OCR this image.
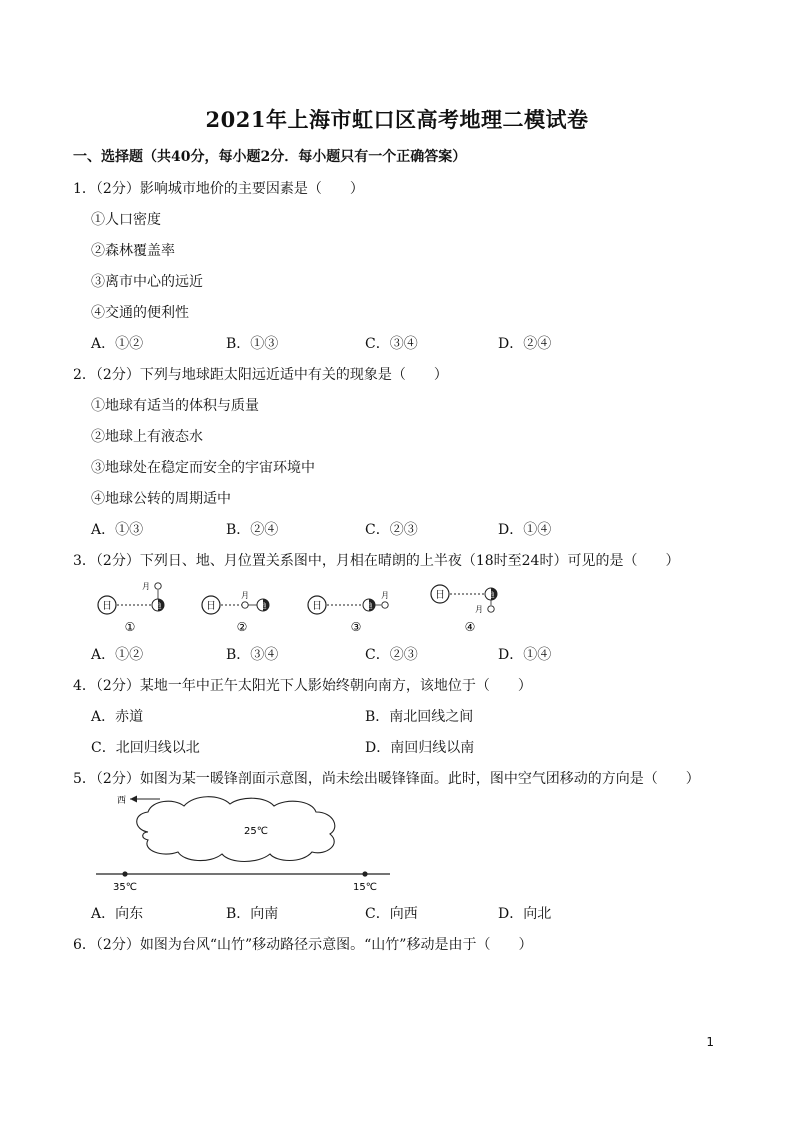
2021年上海市虹口区高考地理二模试卷
一、选择题（共40分，每小题2分．每小题只有一个正确答案）
1．（2分）影响城市地价的主要因素是（　　）
①人口密度
②森林覆盖率
③离市中心的远近
④交通的便利性
A．①②	B．①③	C．③④	D．②④
2．（2分）下列与地球距太阳远近适中有关的现象是（　　）
①地球有适当的体积与质量
②地球上有液态水
③地球处在稳定而安全的宇宙环境中
④地球公转的周期适中
A．①③	B．②④	C．②③	D．①④
3．（2分）下列日、地、月位置关系图中，月相在晴朗的上半夜（18时至24时）可见的是（　　）
日	地
月
①
日
月
地
②
日	地
月
③
日	地
月
④
A．①②	B．③④	C．②③	D．①④
4．（2分）某地一年中正午太阳光下人影始终朝向南方，该地位于（　　）
A．赤道	B．南北回线之间
C．北回归线以北	D．南回归线以南
5．（2分）如图为某一暖锋剖面示意图，尚未绘出暖锋锋面。此时，图中空气团移动的方向是（　　）
西
25℃
35℃	15℃
A．向东	B．向南	C．向西	D．向北
6．（2分）如图为台风“山竹”移动路径示意图。“山竹”移动是由于（　　）
1
